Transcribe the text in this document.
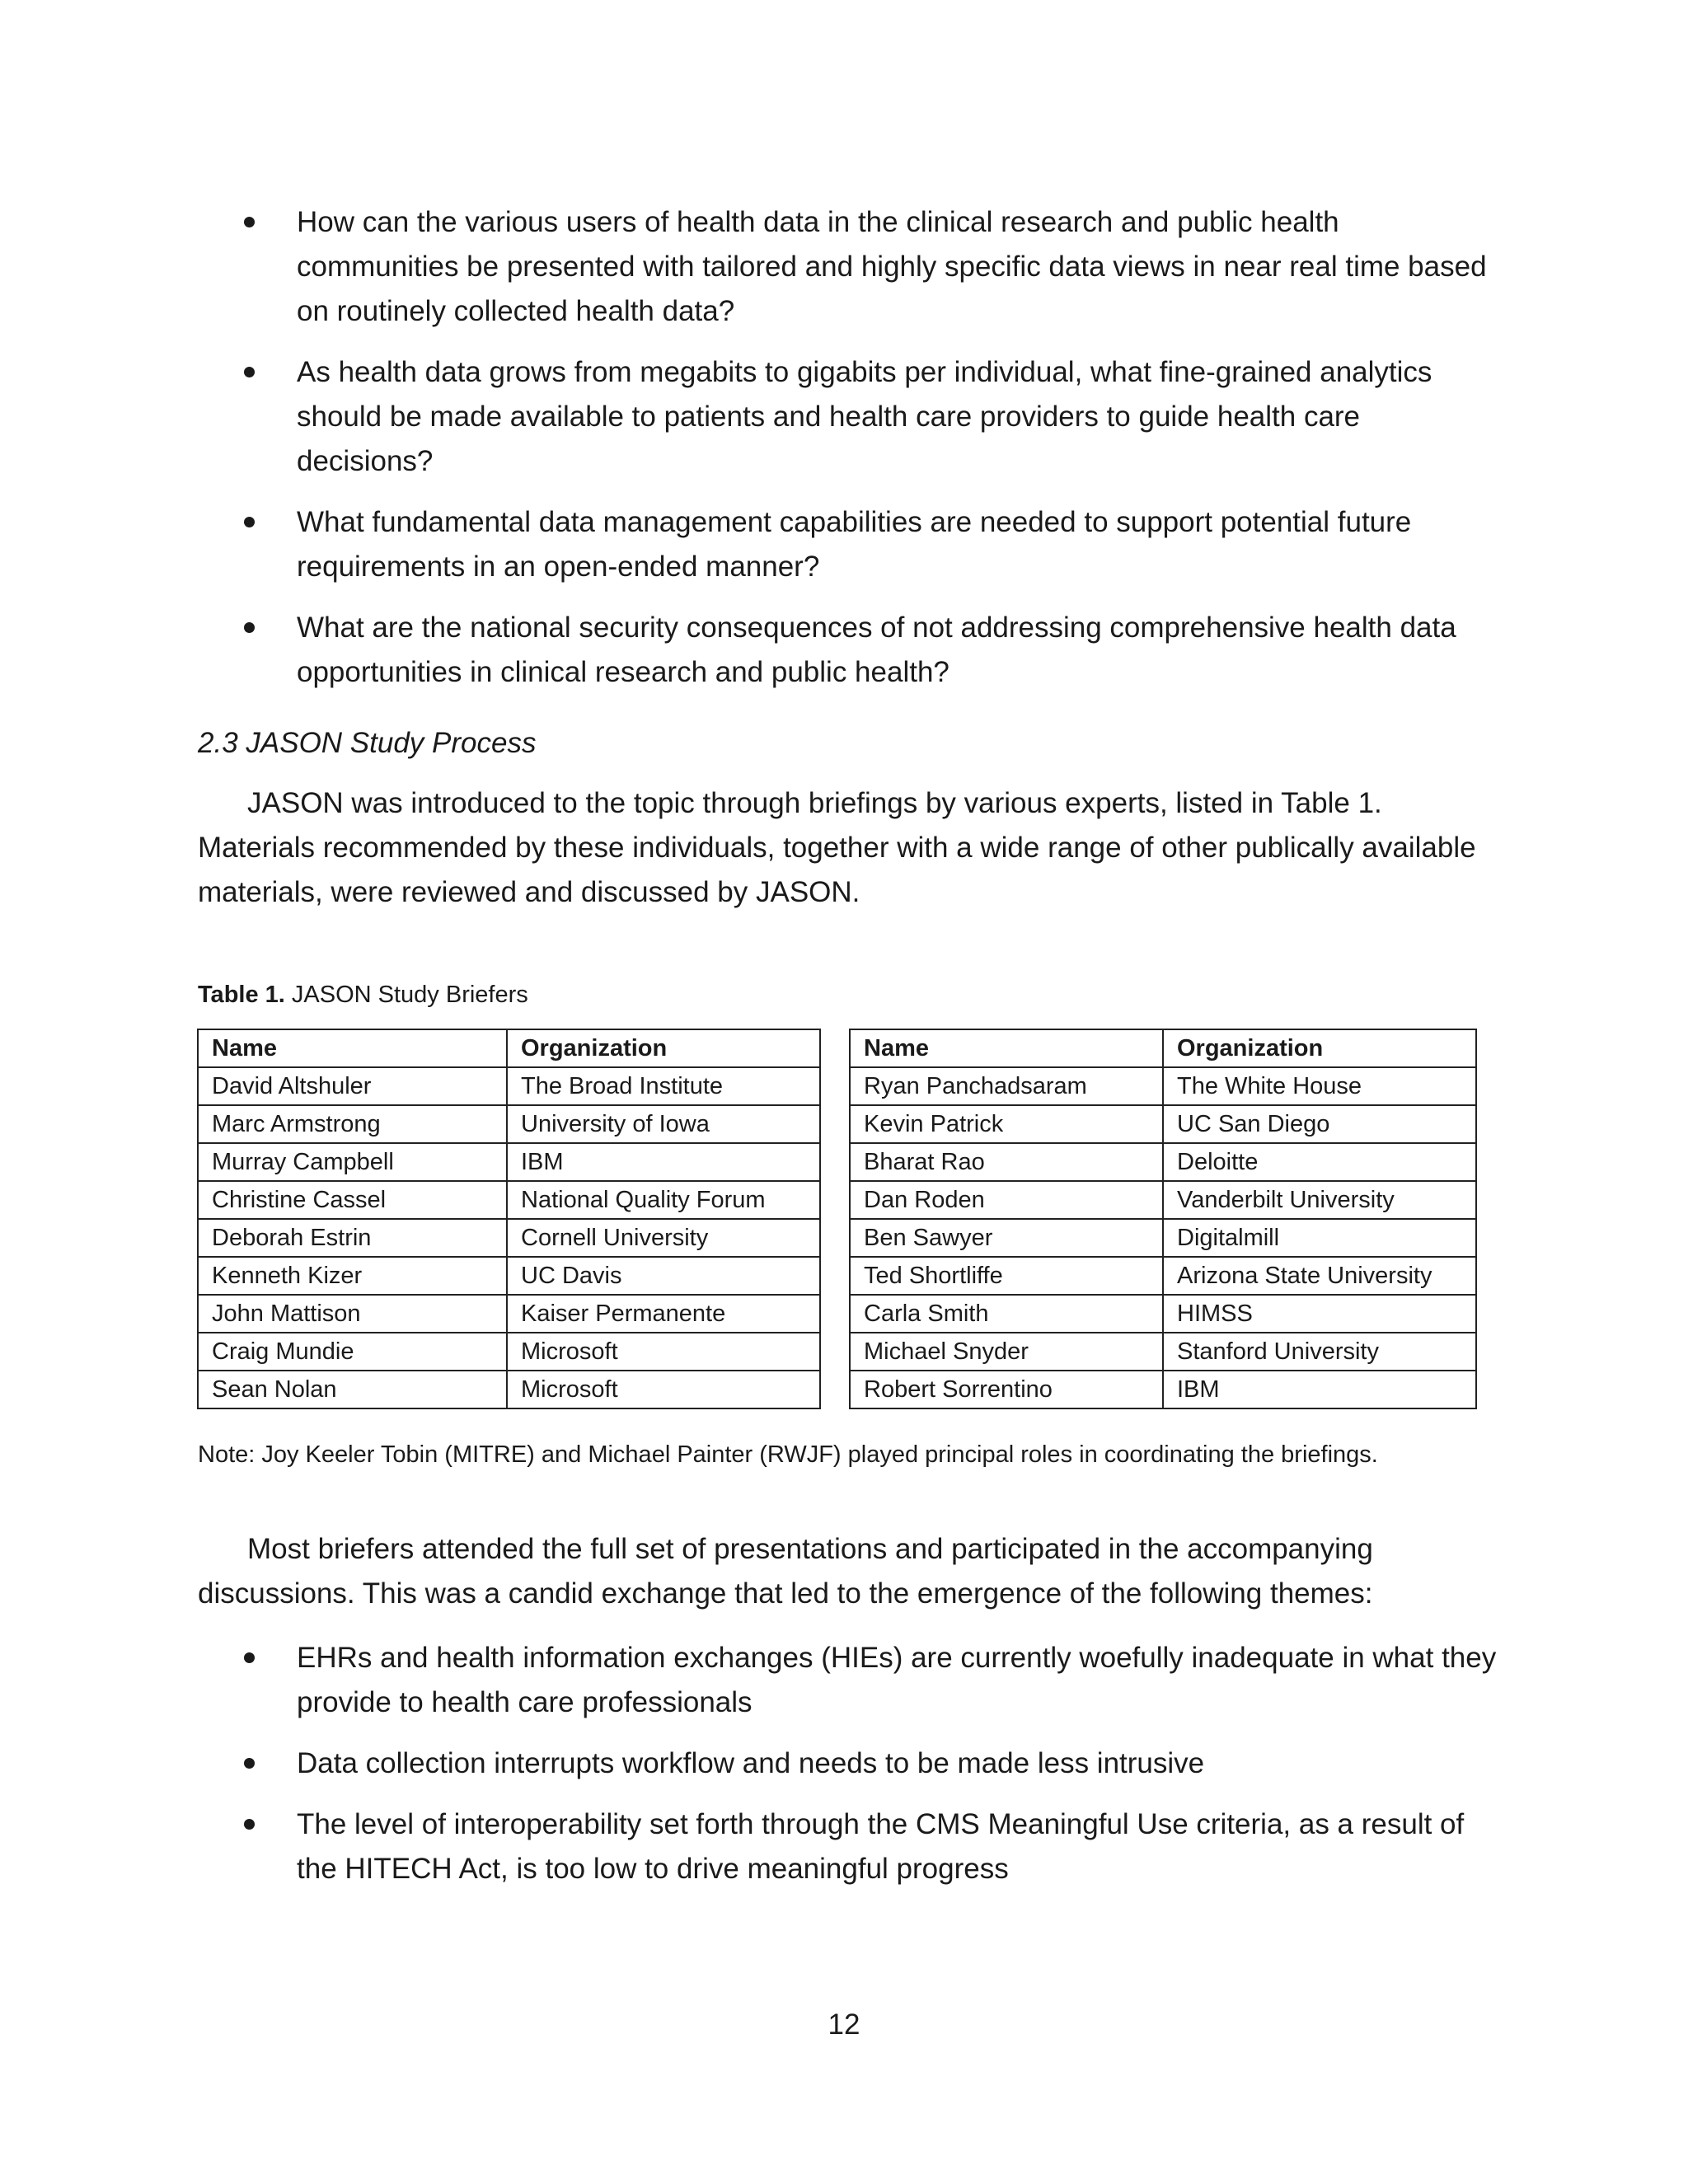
How can the various users of health data in the clinical research and public health communities be presented with tailored and highly specific data views in near real time based on routinely collected health data?
As health data grows from megabits to gigabits per individual, what fine-grained analytics should be made available to patients and health care providers to guide health care decisions?
What fundamental data management capabilities are needed to support potential future requirements in an open-ended manner?
What are the national security consequences of not addressing comprehensive health data opportunities in clinical research and public health?
2.3 JASON Study Process

JASON was introduced to the topic through briefings by various experts, listed in Table 1. Materials recommended by these individuals, together with a wide range of other publically available materials, were reviewed and discussed by JASON.

Table 1. JASON Study Briefers

Name	Organization
David Altshuler	The Broad Institute
Marc Armstrong	University of Iowa
Murray Campbell	IBM
Christine Cassel	National Quality Forum
Deborah Estrin	Cornell University
Kenneth Kizer	UC Davis
John Mattison	Kaiser Permanente
Craig Mundie	Microsoft
Sean Nolan	Microsoft
Name	Organization
Ryan Panchadsaram	The White House
Kevin Patrick	UC San Diego
Bharat Rao	Deloitte
Dan Roden	Vanderbilt University
Ben Sawyer	Digitalmill
Ted Shortliffe	Arizona State University
Carla Smith	HIMSS
Michael Snyder	Stanford University
Robert Sorrentino	IBM

Note: Joy Keeler Tobin (MITRE) and Michael Painter (RWJF) played principal roles in coordinating the briefings.

Most briefers attended the full set of presentations and participated in the accompanying discussions. This was a candid exchange that led to the emergence of the following themes:

EHRs and health information exchanges (HIEs) are currently woefully inadequate in what they provide to health care professionals
Data collection interrupts workflow and needs to be made less intrusive
The level of interoperability set forth through the CMS Meaningful Use criteria, as a result of the HITECH Act, is too low to drive meaningful progress

12
